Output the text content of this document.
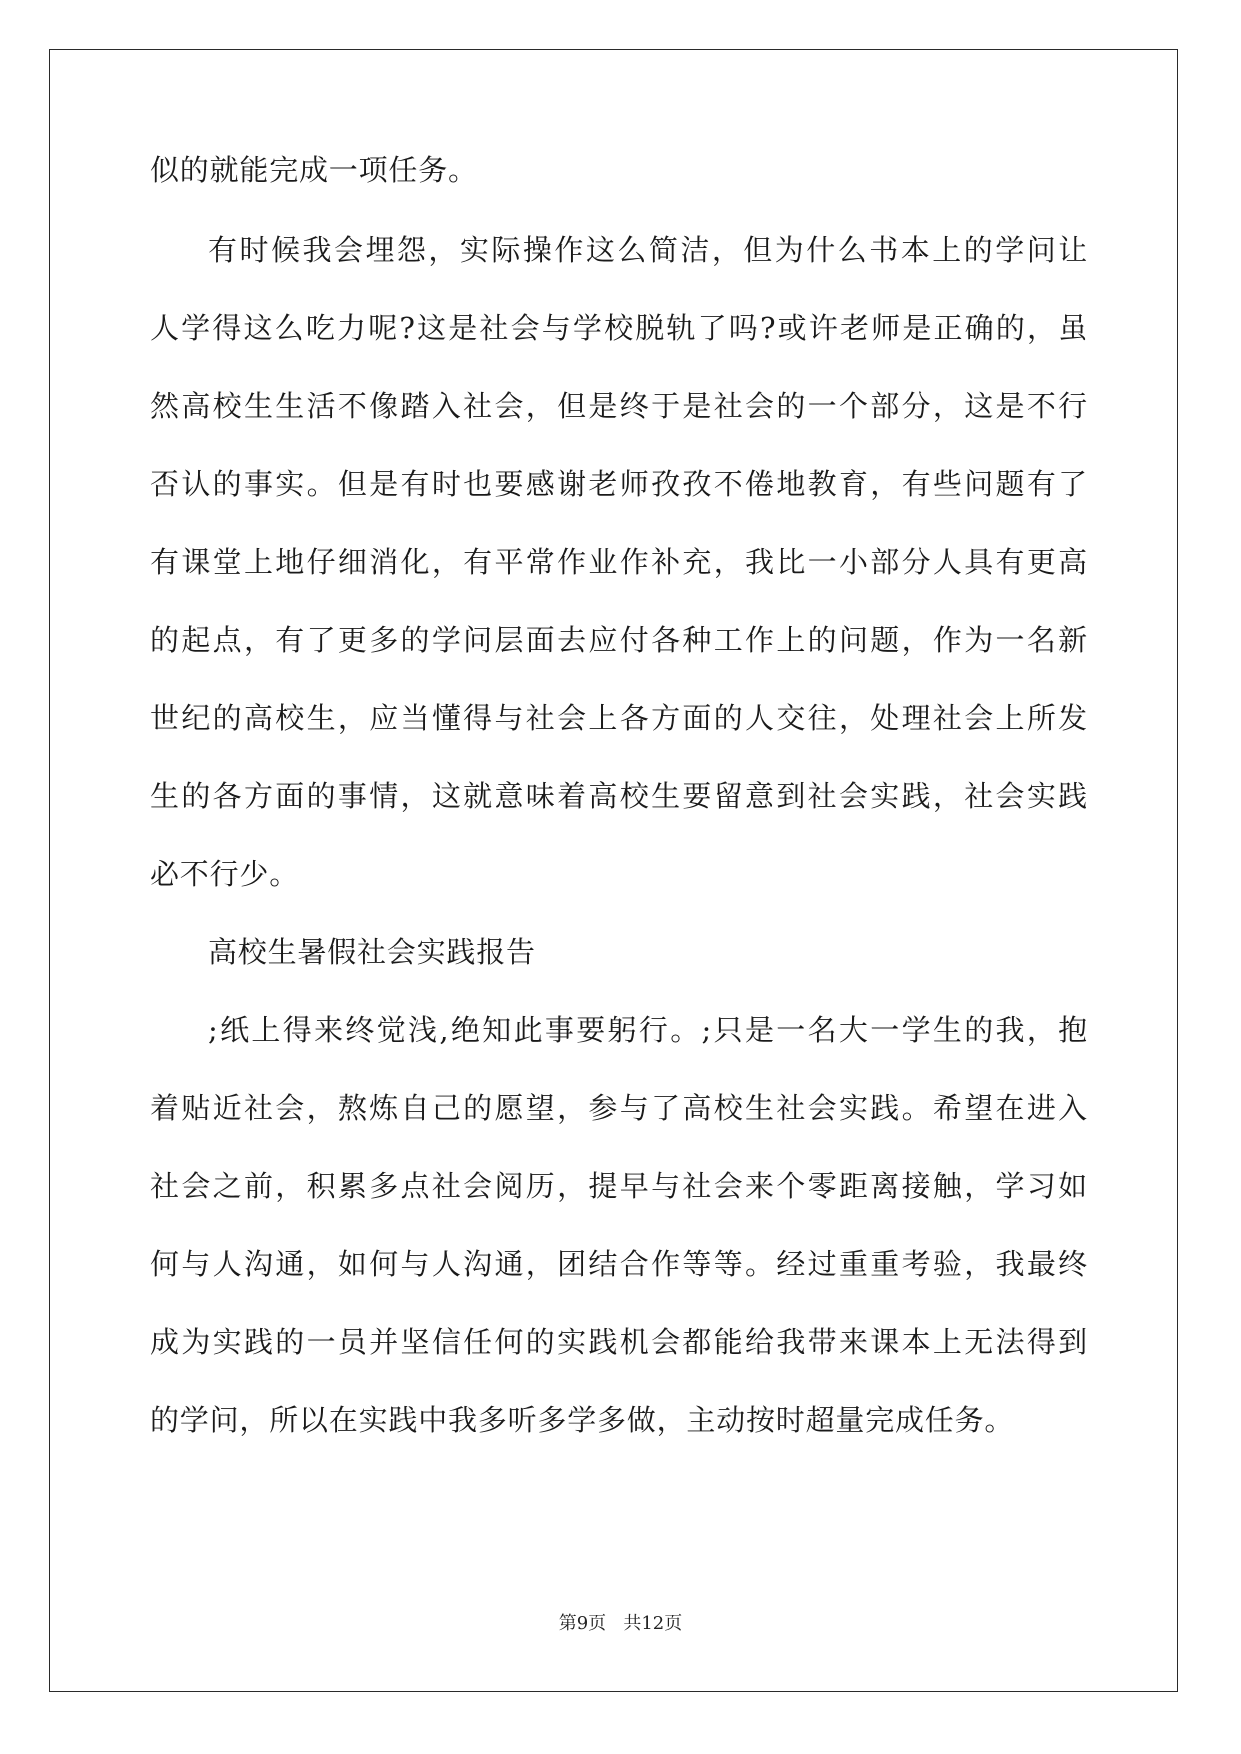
似的就能完成一项任务。
有时候我会埋怨，实际操作这么简洁，但为什么书本上的学问让
人学得这么吃力呢?这是社会与学校脱轨了吗?或许老师是正确的，虽
然高校生生活不像踏入社会，但是终于是社会的一个部分，这是不行
否认的事实。但是有时也要感谢老师孜孜不倦地教育，有些问题有了
有课堂上地仔细消化，有平常作业作补充，我比一小部分人具有更高
的起点，有了更多的学问层面去应付各种工作上的问题，作为一名新
世纪的高校生，应当懂得与社会上各方面的人交往，处理社会上所发
生的各方面的事情，这就意味着高校生要留意到社会实践，社会实践
必不行少。
高校生暑假社会实践报告
;纸上得来终觉浅,绝知此事要躬行。;只是一名大一学生的我，抱
着贴近社会，熬炼自己的愿望，参与了高校生社会实践。希望在进入
社会之前，积累多点社会阅历，提早与社会来个零距离接触，学习如
何与人沟通，如何与人沟通，团结合作等等。经过重重考验，我最终
成为实践的一员并坚信任何的实践机会都能给我带来课本上无法得到
的学问，所以在实践中我多听多学多做，主动按时超量完成任务。
第9页   共12页
